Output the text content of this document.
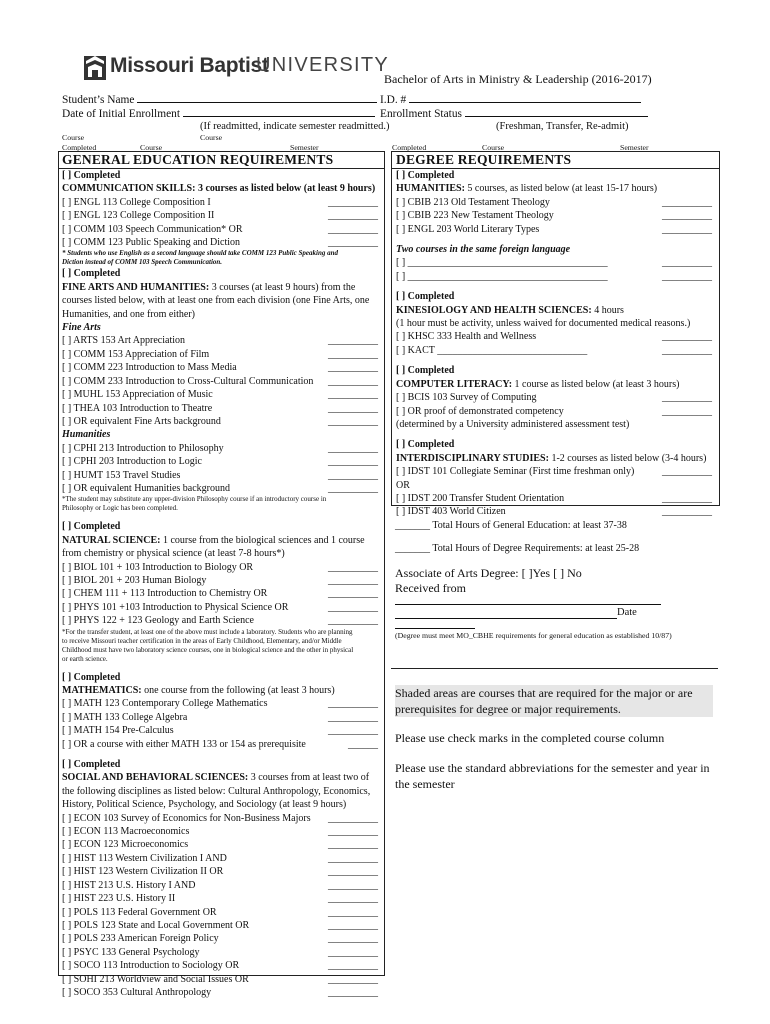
Missouri Baptist
UNIVERSITY
Bachelor of Arts in Ministry & Leadership (2016-2017)
Student’s Name	I.D. #
Date of Initial Enrollment	Enrollment Status
(If readmitted, indicate semester readmitted.)	(Freshman, Transfer, Re-admit)
Course
Completed
Course
Course	Semester	Completed	Course	Semester
GENERAL EDUCATION REQUIREMENTS
[ ] Completed
COMMUNICATION SKILLS: 3 courses as listed below (at least 9 hours)
[ ] ENGL 113 College Composition I	__________
[ ] ENGL 123 College Composition II	__________
[ ] COMM 103 Speech Communication* OR	__________
[ ] COMM 123 Public Speaking and Diction	__________
* Students who use English as a second language should take COMM 123 Public Speaking and
Diction instead of COMM 103 Speech Communication.
[ ] Completed
FINE ARTS AND HUMANITIES: 3 courses (at least 9 hours) from the
courses listed below, with at least one from each division (one Fine Arts, one
Humanities, and one from either)
Fine Arts
[ ] ARTS 153 Art Appreciation	__________
[ ] COMM 153 Appreciation of Film	__________
[ ] COMM 223 Introduction to Mass Media	__________
[ ] COMM 233 Introduction to Cross-Cultural Communication __________
[ ] MUHL 153 Appreciation of Music	__________
[ ] THEA 103 Introduction to Theatre	__________
[ ] OR equivalent Fine Arts background	__________
Humanities
[ ] CPHI 213 Introduction to Philosophy	__________
[ ] CPHI 203 Introduction to Logic	__________
[ ] HUMT 153 Travel Studies	__________
[ ] OR equivalent Humanities background	__________
*The student may substitute any upper-division Philosophy course if an introductory course in
Philosophy or Logic has been completed.
[ ] Completed
NATURAL SCIENCE: 1 course from the biological sciences and 1 course
from chemistry or physical science (at least 7-8 hours*)
[ ] BIOL 101 + 103 Introduction to Biology OR	__________
[ ] BIOL 201 + 203 Human Biology	__________
[ ] CHEM 111 + 113 Introduction to Chemistry OR	__________
[ ] PHYS 101 +103 Introduction to Physical Science OR	__________
[ ] PHYS 122 + 123 Geology and Earth Science	__________
*For the transfer student, at least one of the above must include a laboratory. Students who are planning
to receive Missouri teacher certification in the areas of Early Childhood, Elementary, and/or Middle
Childhood must have two laboratory science courses, one in biological science and the other in physical
or earth science.
[ ] Completed
MATHEMATICS: one course from the following (at least 3 hours)
[ ] MATH 123 Contemporary College Mathematics	__________
[ ] MATH 133 College Algebra	__________
[ ] MATH 154 Pre-Calculus	__________
[ ] OR a course with either MATH 133 or 154 as prerequisite	______
[ ] Completed
SOCIAL AND BEHAVIORAL SCIENCES: 3 courses from at least two of
the following disciplines as listed below: Cultural Anthropology, Economics,
History, Political Science, Psychology, and Sociology (at least 9 hours)
[ ] ECON 103 Survey of Economics for Non-Business Majors __________
[ ] ECON 113 Macroeconomics	__________
[ ] ECON 123 Microeconomics	__________
[ ] HIST 113 Western Civilization I AND	__________
[ ] HIST 123 Western Civilization II OR	__________
[ ] HIST 213 U.S. History I AND	__________
[ ] HIST 223 U.S. History II	__________
[ ] POLS 113 Federal Government OR	__________
[ ] POLS 123 State and Local Government OR	__________
[ ] POLS 233 American Foreign Policy	__________
[ ] PSYC 133 General Psychology	__________
[ ] SOCO 113 Introduction to Sociology OR	__________
[ ] SOHI 213 Worldview and Social Issues OR	__________
[ ] SOCO 353 Cultural Anthropology	__________
DEGREE REQUIREMENTS
[ ] Completed
HUMANITIES: 5 courses, as listed below (at least 15-17 hours)
[ ] CBIB 213 Old Testament Theology	__________
[ ] CBIB 223 New Testament Theology	__________
[ ] ENGL 203 World Literary Types	__________
Two courses in the same foreign language
[ ] ________________________________________	__________
[ ] ________________________________________	__________
[ ] Completed
KINESIOLOGY AND HEALTH SCIENCES: 4 hours
(1 hour must be activity, unless waived for documented medical reasons.)
[ ] KHSC 333 Health and Wellness	__________
[ ] KACT ______________________________	__________
[ ] Completed
COMPUTER LITERACY: 1 course as listed below (at least 3 hours)
[ ] BCIS 103 Survey of Computing	__________
[ ] OR proof of demonstrated competency	__________
(determined by a University administered assessment test)
[ ] Completed
INTERDISCIPLINARY STUDIES: 1-2 courses as listed below (3-4 hours)
[ ] IDST 101 Collegiate Seminar (First time freshman only)	__________
OR
[ ] IDST 200 Transfer Student Orientation	__________
[ ] IDST 403 World Citizen	__________
_______ Total Hours of General Education: at least 37-38
_______ Total Hours of Degree Requirements: at least 25-28
Associate of Arts Degree: [ ]Yes [ ] No
Received from
Date
(Degree must meet MO_CBHE requirements for general education as established 10/87)
Shaded areas are courses that are required for the major or are prerequisites for degree or major requirements.
Please use check marks in the completed course column
Please use the standard abbreviations for the semester and year in the semester
